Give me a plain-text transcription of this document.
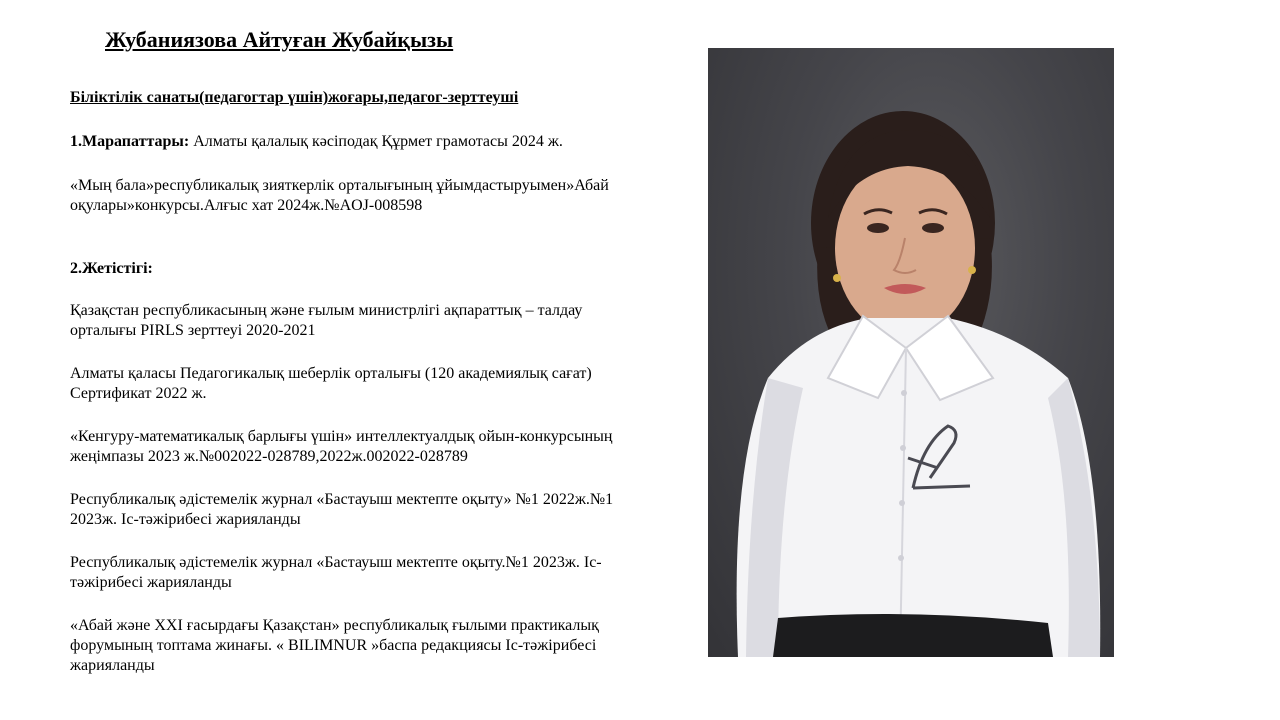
Жубаниязова Айтуған Жубайқызы
Біліктілік санаты(педагогтар үшін)жоғары,педагог-зерттеуші
1.Марапаттары: Алматы қалалық кәсіподақ Құрмет грамотасы 2024 ж.
«Мың бала»республикалық зияткерлік орталығының ұйымдастыруымен»Абай оқулары»конкурсы.Алғыс хат 2024ж.№AOJ-008598
2.Жетістігі:
Қазақстан республикасының және ғылым министрлігі ақпараттық – талдау орталығы PIRLS зерттеуі 2020-2021
Алматы қаласы Педагогикалық шеберлік орталығы (120 академиялық сағат) Сертификат 2022 ж.
«Кенгуру-математикалық барлығы үшін» интеллектуалдық ойын-конкурсының жеңімпазы 2023 ж.№002022-028789,2022ж.002022-028789
Республикалық әдістемелік журнал «Бастауыш мектепте оқыту» №1 2022ж.№1 2023ж. Іс-тәжірибесі жарияланды
Республикалық әдістемелік журнал «Бастауыш мектепте оқыту.№1 2023ж. Іс-тәжірибесі жарияланды
«Абай және XXI ғасырдағы Қазақстан» республикалық ғылыми практикалық форумының топтама жинағы. « BILIMNUR »баспа редакциясы Іс-тәжірибесі жарияланды
